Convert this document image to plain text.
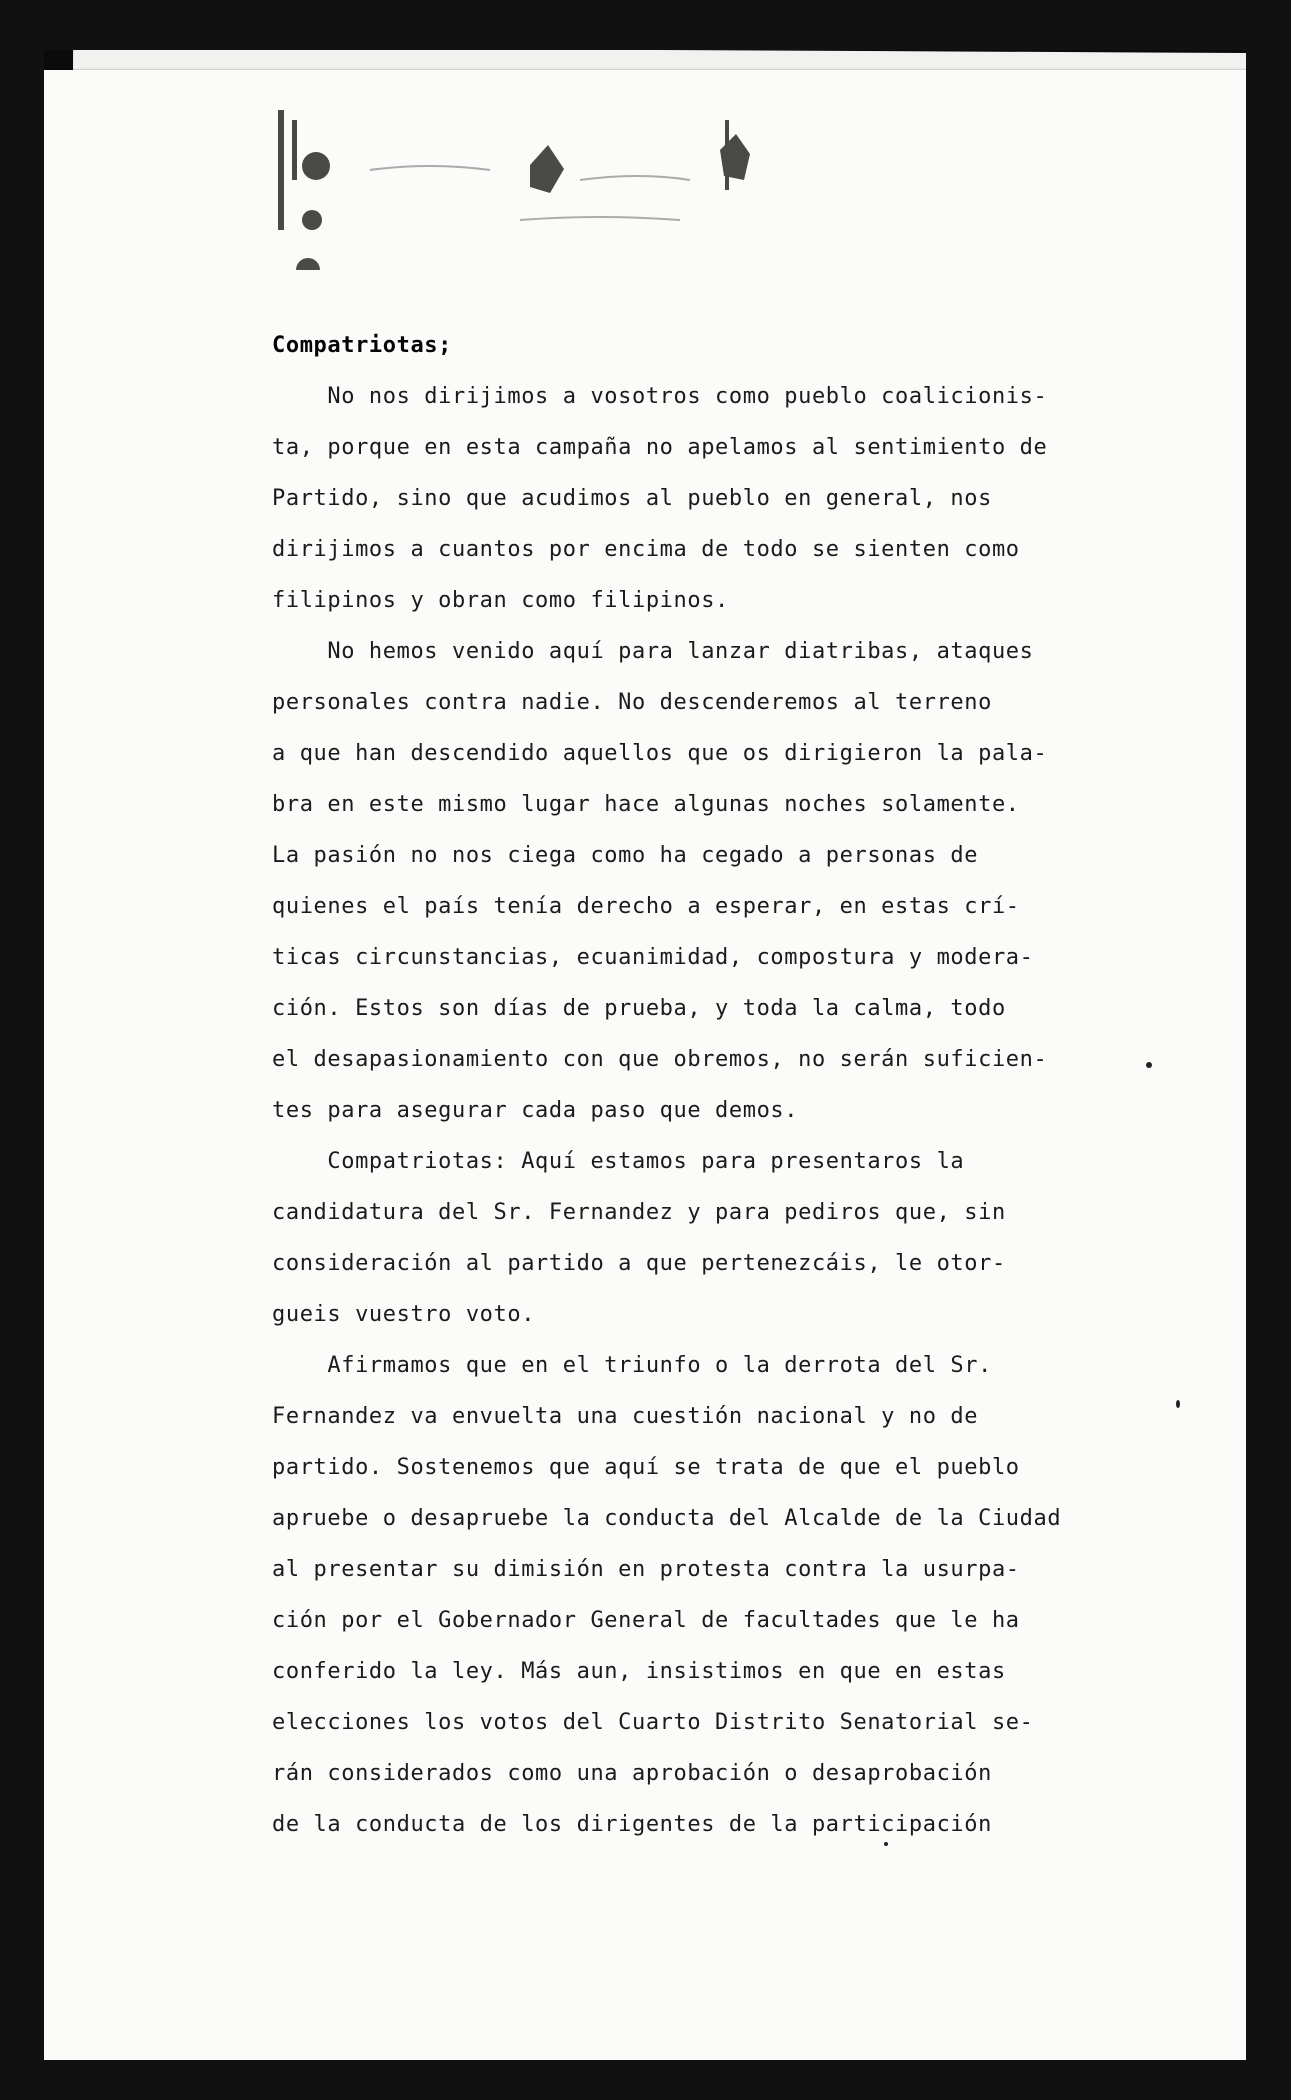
Compatriotas;
No nos dirijimos a vosotros como pueblo coalicionis-
ta, porque en esta campaña no apelamos al sentimiento de
Partido, sino que acudimos al pueblo en general, nos
dirijimos a cuantos por encima de todo se sienten como
filipinos y obran como filipinos.
No hemos venido aquí para lanzar diatribas, ataques
personales contra nadie. No descenderemos al terreno
a que han descendido aquellos que os dirigieron la pala-
bra en este mismo lugar hace algunas noches solamente.
La pasión no nos ciega como ha cegado a personas de
quienes el país tenía derecho a esperar, en estas crí-
ticas circunstancias, ecuanimidad, compostura y modera-
ción. Estos son días de prueba, y toda la calma, todo
el desapasionamiento con que obremos, no serán suficien-
tes para asegurar cada paso que demos.
Compatriotas: Aquí estamos para presentaros la
candidatura del Sr. Fernandez y para pediros que, sin
consideración al partido a que pertenezcáis, le otor-
gueis vuestro voto.
Afirmamos que en el triunfo o la derrota del Sr.
Fernandez va envuelta una cuestión nacional y no de
partido. Sostenemos que aquí se trata de que el pueblo
apruebe o desapruebe la conducta del Alcalde de la Ciudad
al presentar su dimisión en protesta contra la usurpa-
ción por el Gobernador General de facultades que le ha
conferido la ley. Más aun, insistimos en que en estas
elecciones los votos del Cuarto Distrito Senatorial se-
rán considerados como una aprobación o desaprobación
de la conducta de los dirigentes de la participación
